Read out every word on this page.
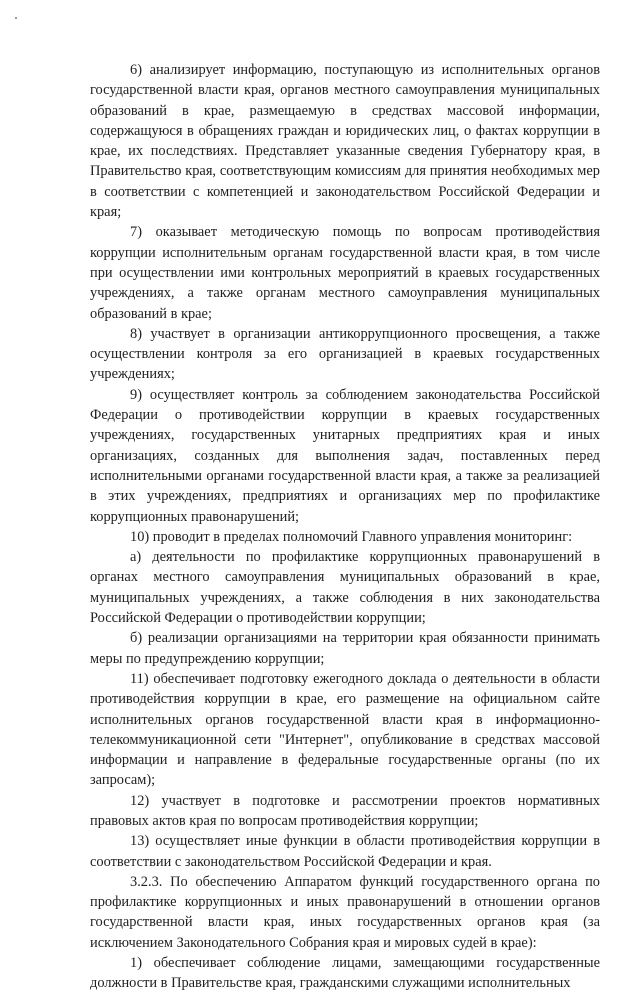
6) анализирует информацию, поступающую из исполнительных органов государственной власти края, органов местного самоуправления муниципальных образований в крае, размещаемую в средствах массовой информации, содержащуюся в обращениях граждан и юридических лиц, о фактах коррупции в крае, их последствиях. Представляет указанные сведения Губернатору края, в Правительство края, соответствующим комиссиям для принятия необходимых мер в соответствии с компетенцией и законодательством Российской Федерации и края;

7) оказывает методическую помощь по вопросам противодействия коррупции исполнительным органам государственной власти края, в том числе при осуществлении ими контрольных мероприятий в краевых государственных учреждениях, а также органам местного самоуправления муниципальных образований в крае;

8) участвует в организации антикоррупционного просвещения, а также осуществлении контроля за его организацией в краевых государственных учреждениях;

9) осуществляет контроль за соблюдением законодательства Российской Федерации о противодействии коррупции в краевых государственных учреждениях, государственных унитарных предприятиях края и иных организациях, созданных для выполнения задач, поставленных перед исполнительными органами государственной власти края, а также за реализацией в этих учреждениях, предприятиях и организациях мер по профилактике коррупционных правонарушений;

10) проводит в пределах полномочий Главного управления мониторинг:

а) деятельности по профилактике коррупционных правонарушений в органах местного самоуправления муниципальных образований в крае, муниципальных учреждениях, а также соблюдения в них законодательства Российской Федерации о противодействии коррупции;

б) реализации организациями на территории края обязанности принимать меры по предупреждению коррупции;

11) обеспечивает подготовку ежегодного доклада о деятельности в области противодействия коррупции в крае, его размещение на официальном сайте исполнительных органов государственной власти края в информационно-телекоммуникационной сети "Интернет", опубликование в средствах массовой информации и направление в федеральные государственные органы (по их запросам);

12) участвует в подготовке и рассмотрении проектов нормативных правовых актов края по вопросам противодействия коррупции;

13) осуществляет иные функции в области противодействия коррупции в соответствии с законодательством Российской Федерации и края.

3.2.3. По обеспечению Аппаратом функций государственного органа по профилактике коррупционных и иных правонарушений в отношении органов государственной власти края, иных государственных органов края (за исключением Законодательного Собрания края и мировых судей в крае):

1) обеспечивает соблюдение лицами, замещающими государственные должности в Правительстве края, гражданскими служащими исполнительных
